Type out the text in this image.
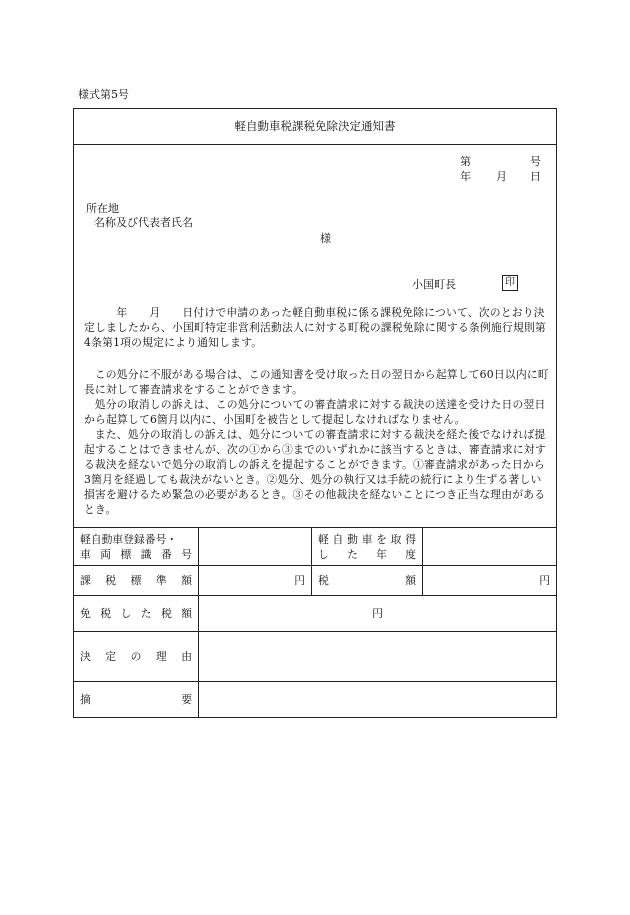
様式第5号
軽自動車税課税免除決定通知書
第	号
年 月 日
所在地
名称及び代表者氏名
様
小国町長	印

年　　月　　日付けで申請のあった軽自動車税に係る課税免除について、次のとおり決定しましたから、小国町特定非営利活動法人に対する町税の課税免除に関する条例施行規則第4条第1項の規定により通知します。

この処分に不服がある場合は、この通知書を受け取った日の翌日から起算して60日以内に町長に対して審査請求をすることができます。

処分の取消しの訴えは、この処分についての審査請求に対する裁決の送達を受けた日の翌日から起算して6箇月以内に、小国町を被告として提起しなければなりません。

また、処分の取消しの訴えは、処分についての審査請求に対する裁決を経た後でなければ提起することはできませんが、次の①から③までのいずれかに該当するときは、審査請求に対する裁決を経ないで処分の取消しの訴えを提起することができます。①審査請求があった日から3箇月を経過しても裁決がないとき。②処分、処分の執行又は手続の続行により生ずる著しい損害を避けるため緊急の必要があるとき。③その他裁決を経ないことにつき正当な理由があるとき。

軽自動車登録番号・
車両標識番号		軽自動車を取得
した年度	

課税標準額	円	税額	円
免税した税額	円		
決定の理由			
摘要			
